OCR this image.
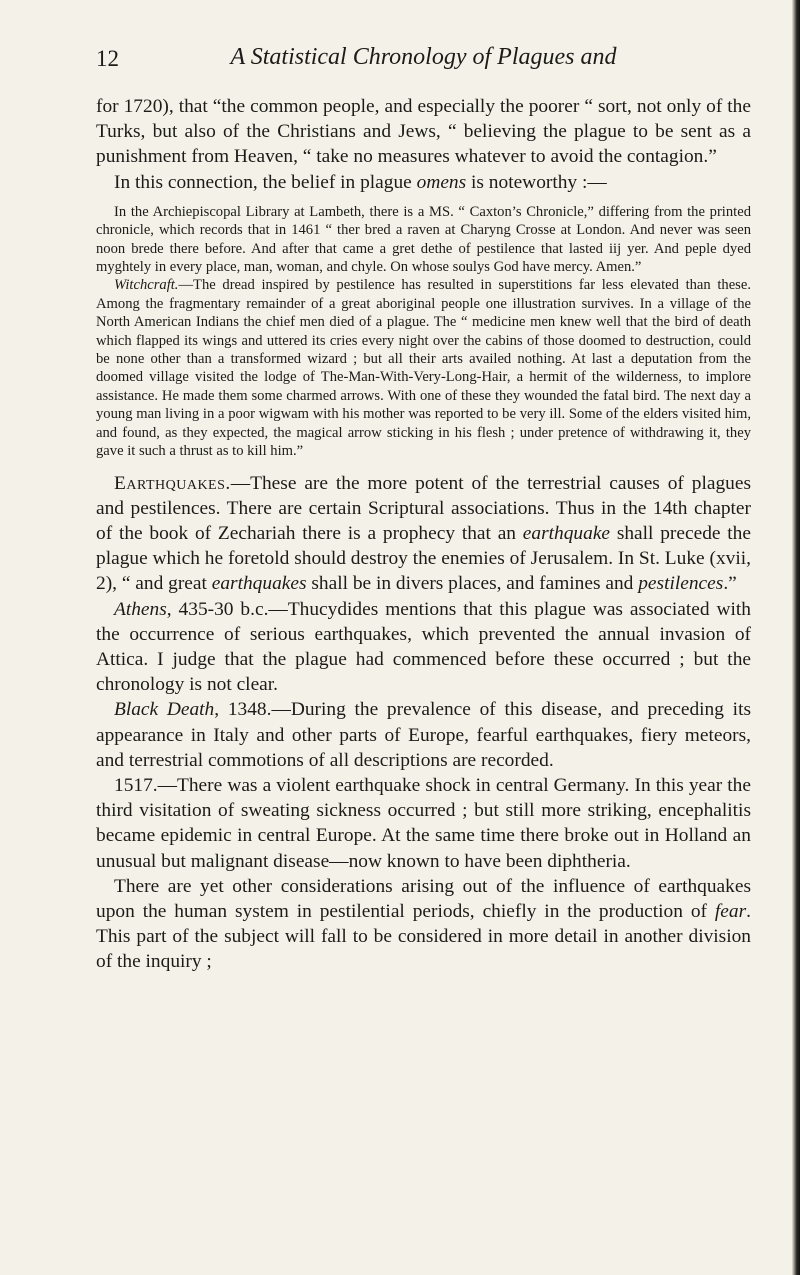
12	A Statistical Chronology of Plagues and

for 1720), that “the common people, and especially the poorer “ sort, not only of the Turks, but also of the Christians and Jews, “ believing the plague to be sent as a punishment from Heaven, “ take no measures whatever to avoid the contagion.”

In this connection, the belief in plague omens is noteworthy :—

In the Archiepiscopal Library at Lambeth, there is a MS. “ Caxton’s Chronicle,” differing from the printed chronicle, which records that in 1461 “ ther bred a raven at Charyng Crosse at London. And never was seen noon brede there before. And after that came a gret dethe of pestilence that lasted iij yer. And peple dyed myghtely in every place, man, woman, and chyle. On whose soulys God have mercy. Amen.”

Witchcraft.—The dread inspired by pestilence has resulted in superstitions far less elevated than these. Among the fragmentary remainder of a great aboriginal people one illustration survives. In a village of the North American Indians the chief men died of a plague. The “ medicine men knew well that the bird of death which flapped its wings and uttered its cries every night over the cabins of those doomed to destruction, could be none other than a transformed wizard ; but all their arts availed nothing. At last a deputation from the doomed village visited the lodge of The-Man-With-Very-Long-Hair, a hermit of the wilderness, to implore assistance. He made them some charmed arrows. With one of these they wounded the fatal bird. The next day a young man living in a poor wigwam with his mother was reported to be very ill. Some of the elders visited him, and found, as they expected, the magical arrow sticking in his flesh ; under pretence of withdrawing it, they gave it such a thrust as to kill him.”

Earthquakes.—These are the more potent of the terrestrial causes of plagues and pestilences. There are certain Scriptural associations. Thus in the 14th chapter of the book of Zechariah there is a prophecy that an earthquake shall precede the plague which he foretold should destroy the enemies of Jerusalem. In St. Luke (xvii, 2), “ and great earthquakes shall be in divers places, and famines and pestilences.”

Athens, 435-30 b.c.—Thucydides mentions that this plague was associated with the occurrence of serious earthquakes, which prevented the annual invasion of Attica. I judge that the plague had commenced before these occurred ; but the chronology is not clear.

Black Death, 1348.—During the prevalence of this disease, and preceding its appearance in Italy and other parts of Europe, fearful earthquakes, fiery meteors, and terrestrial commotions of all descriptions are recorded.

1517.—There was a violent earthquake shock in central Germany. In this year the third visitation of sweating sickness occurred ; but still more striking, encephalitis became epidemic in central Europe. At the same time there broke out in Holland an unusual but malignant disease—now known to have been diphtheria.

There are yet other considerations arising out of the influence of earthquakes upon the human system in pestilential periods, chiefly in the production of fear. This part of the subject will fall to be considered in more detail in another division of the inquiry ;
